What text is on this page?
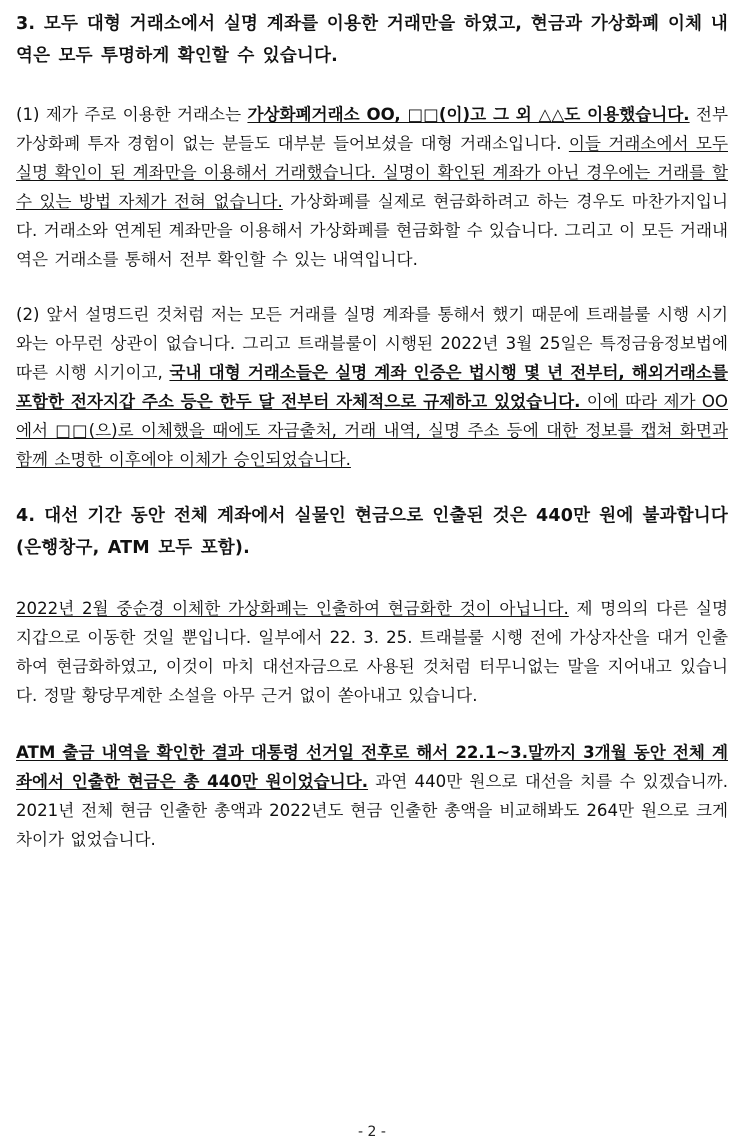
3. 모두 대형 거래소에서 실명 계좌를 이용한 거래만을 하였고, 현금과 가상화폐 이체 내역은 모두 투명하게 확인할 수 있습니다.

(1) 제가 주로 이용한 거래소는 가상화폐거래소 OO, □□(이)고 그 외 △△도 이용했습니다. 전부 가상화폐 투자 경험이 없는 분들도 대부분 들어보셨을 대형 거래소입니다. 이들 거래소에서 모두 실명 확인이 된 계좌만을 이용해서 거래했습니다. 실명이 확인된 계좌가 아닌 경우에는 거래를 할 수 있는 방법 자체가 전혀 없습니다. 가상화폐를 실제로 현금화하려고 하는 경우도 마찬가지입니다. 거래소와 연계된 계좌만을 이용해서 가상화폐를 현금화할 수 있습니다. 그리고 이 모든 거래내역은 거래소를 통해서 전부 확인할 수 있는 내역입니다.

(2) 앞서 설명드린 것처럼 저는 모든 거래를 실명 계좌를 통해서 했기 때문에 트래블룰 시행 시기와는 아무런 상관이 없습니다. 그리고 트래블룰이 시행된 2022년 3월 25일은 특정금융정보법에 따른 시행 시기이고, 국내 대형 거래소들은 실명 계좌 인증은 법시행 몇 년 전부터, 해외거래소를 포함한 전자지갑 주소 등은 한두 달 전부터 자체적으로 규제하고 있었습니다. 이에 따라 제가 OO에서 □□(으)로 이체했을 때에도 자금출처, 거래 내역, 실명 주소 등에 대한 정보를 캡쳐 화면과 함께 소명한 이후에야 이체가 승인되었습니다.

4. 대선 기간 동안 전체 계좌에서 실물인 현금으로 인출된 것은 440만 원에 불과합니다(은행창구, ATM 모두 포함).

2022년 2월 중순경 이체한 가상화폐는 인출하여 현금화한 것이 아닙니다. 제 명의의 다른 실명 지갑으로 이동한 것일 뿐입니다. 일부에서 22. 3. 25. 트래블룰 시행 전에 가상자산을 대거 인출하여 현금화하였고, 이것이 마치 대선자금으로 사용된 것처럼 터무니없는 말을 지어내고 있습니다. 정말 황당무계한 소설을 아무 근거 없이 쏟아내고 있습니다.

ATM 출금 내역을 확인한 결과 대통령 선거일 전후로 해서 22.1~3.말까지 3개월 동안 전체 계좌에서 인출한 현금은 총 440만 원이었습니다. 과연 440만 원으로 대선을 치를 수 있겠습니까. 2021년 전체 현금 인출한 총액과 2022년도 현금 인출한 총액을 비교해봐도 264만 원으로 크게 차이가 없었습니다.

- 2 -
